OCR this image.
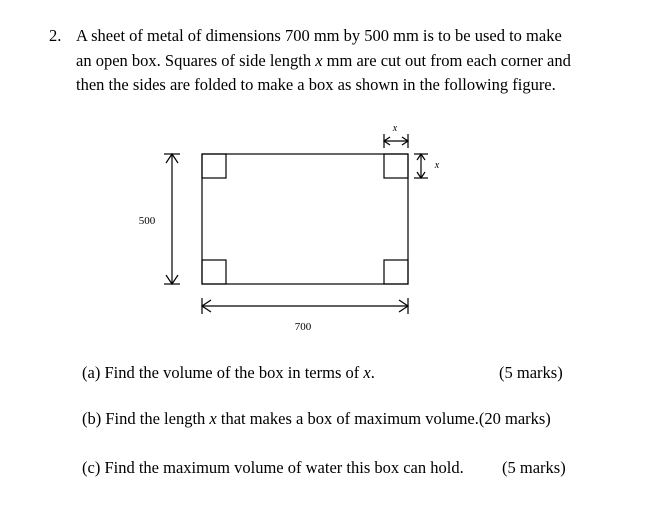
2. A sheet of metal of dimensions 700 mm by 500 mm is to be used to make
an open box. Squares of side length x mm are cut out from each corner and
then the sides are folded to make a box as shown in the following figure.
500
700
x
x
(a) Find the volume of the box in terms of x.	(5 marks)
(b) Find the length x that makes a box of maximum volume.(20 marks)
(c) Find the maximum volume of water this box can hold. (5 marks)
